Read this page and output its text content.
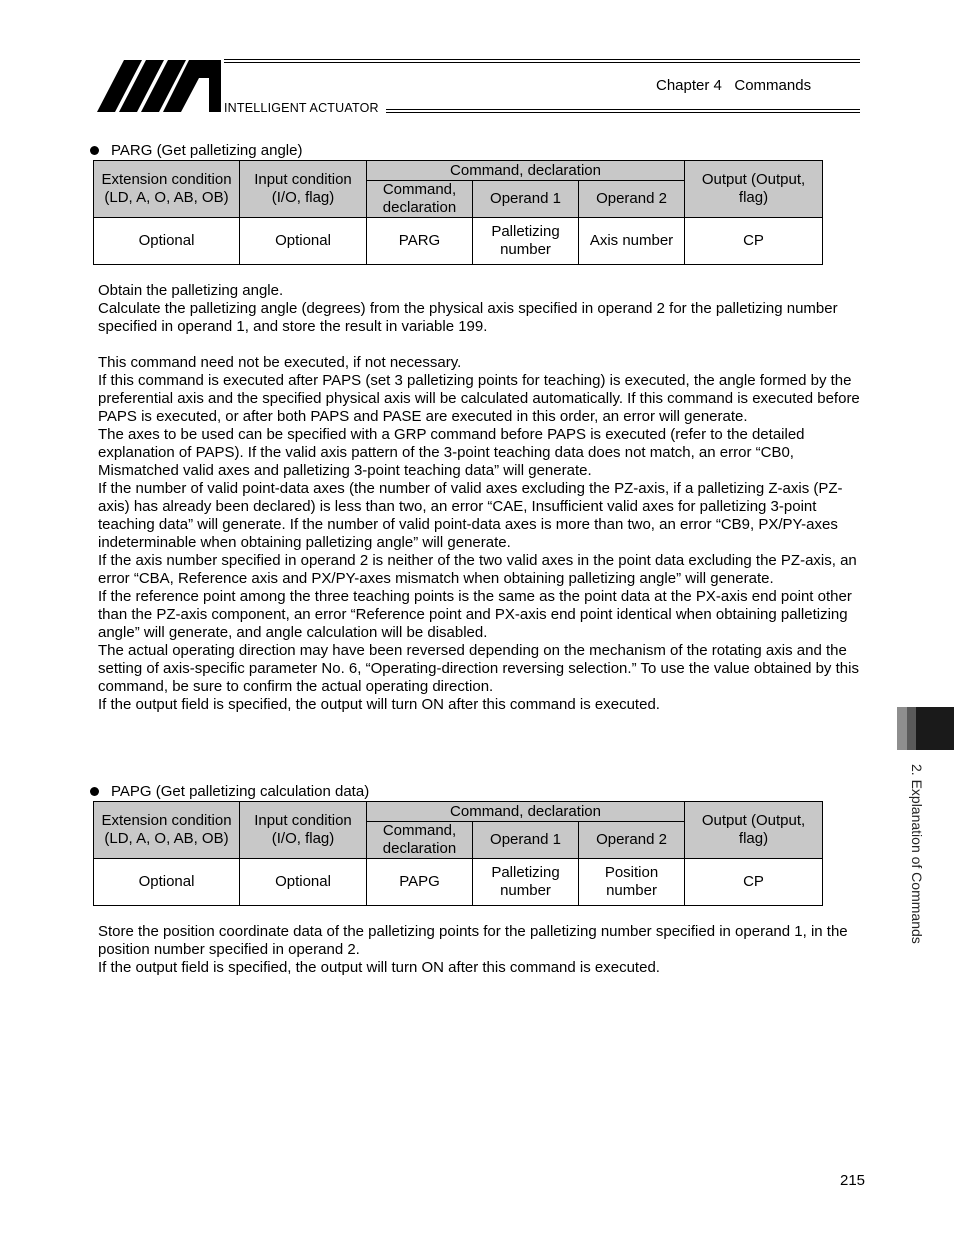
Chapter 4   Commands
INTELLIGENT ACTUATOR
PARG (Get palletizing angle)
Extension condition (LD, A, O, AB, OB)	Input condition (I/O, flag)	Command, declaration			Output (Output, flag)
		Command, declaration	Operand 1	Operand 2	
Optional	Optional	PARG	Palletizing number	Axis number	CP

Obtain the palletizing angle.

Calculate the palletizing angle (degrees) from the physical axis specified in operand 2 for the palletizing number specified in operand 1, and store the result in variable 199.

This command need not be executed, if not necessary.

If this command is executed after PAPS (set 3 palletizing points for teaching) is executed, the angle formed by the preferential axis and the specified physical axis will be calculated automatically. If this command is executed before PAPS is executed, or after both PAPS and PASE are executed in this order, an error will generate.

The axes to be used can be specified with a GRP command before PAPS is executed (refer to the detailed explanation of PAPS). If the valid axis pattern of the 3-point teaching data does not match, an error “CB0, Mismatched valid axes and palletizing 3-point teaching data” will generate.

If the number of valid point-data axes (the number of valid axes excluding the PZ-axis, if a palletizing Z-axis (PZ-axis) has already been declared) is less than two, an error “CAE, Insufficient valid axes for palletizing 3-point teaching data” will generate. If the number of valid point-data axes is more than two, an error “CB9, PX/PY-axes indeterminable when obtaining palletizing angle” will generate.

If the axis number specified in operand 2 is neither of the two valid axes in the point data excluding the PZ-axis, an error “CBA, Reference axis and PX/PY-axes mismatch when obtaining palletizing angle” will generate.

If the reference point among the three teaching points is the same as the point data at the PX-axis end point other than the PZ-axis component, an error “Reference point and PX-axis end point identical when obtaining palletizing angle” will generate, and angle calculation will be disabled.

The actual operating direction may have been reversed depending on the mechanism of the rotating axis and the setting of axis-specific parameter No. 6, “Operating-direction reversing selection.” To use the value obtained by this command, be sure to confirm the actual operating direction.

If the output field is specified, the output will turn ON after this command is executed.

PAPG (Get palletizing calculation data)
Extension condition (LD, A, O, AB, OB)	Input condition (I/O, flag)	Command, declaration			Output (Output, flag)
		Command, declaration	Operand 1	Operand 2	
Optional	Optional	PAPG	Palletizing number	Position number	CP

Store the position coordinate data of the palletizing points for the palletizing number specified in operand 1, in the position number specified in operand 2.

If the output field is specified, the output will turn ON after this command is executed.

2. Explanation of Commands
215
